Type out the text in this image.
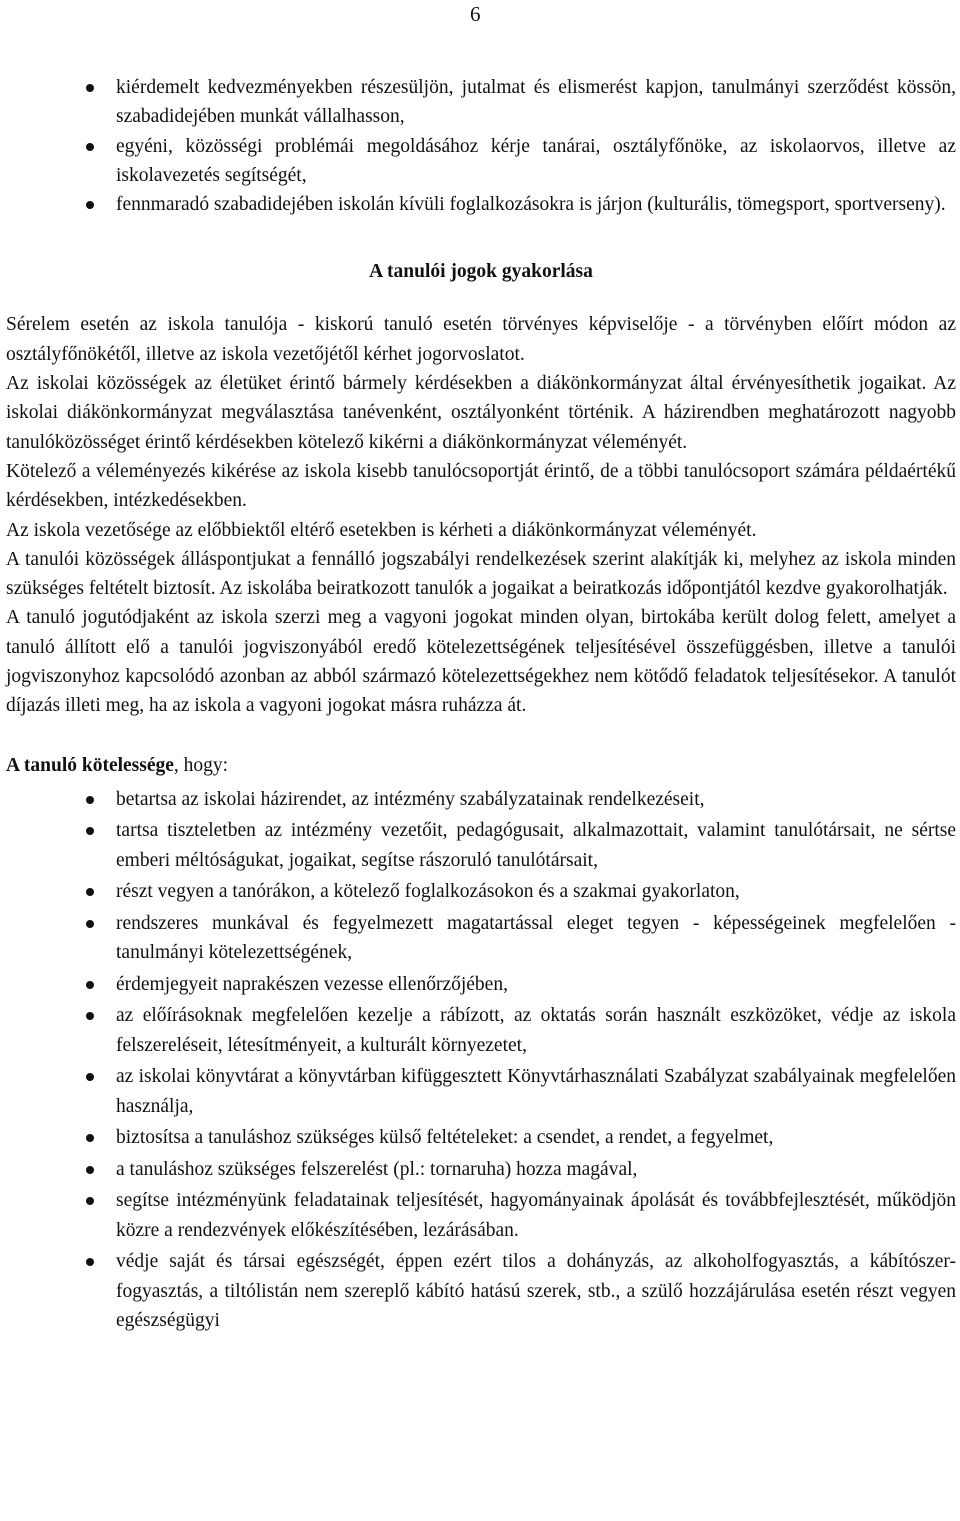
6
kiérdemelt kedvezményekben részesüljön, jutalmat és elismerést kapjon, tanulmányi szerződést kössön, szabadidejében munkát vállalhasson,
egyéni, közösségi problémái megoldásához kérje tanárai, osztályfőnöke, az iskolaorvos, illetve az iskolavezetés segítségét,
fennmaradó szabadidejében iskolán kívüli foglalkozásokra is járjon (kulturális, tömegsport, sportverseny).
A tanulói jogok gyakorlása

Sérelem esetén az iskola tanulója - kiskorú tanuló esetén törvényes képviselője - a törvényben előírt módon az osztályfőnökétől, illetve az iskola vezetőjétől kérhet jogorvoslatot.

Az iskolai közösségek az életüket érintő bármely kérdésekben a diákönkormányzat által érvényesíthetik jogaikat. Az iskolai diákönkormányzat megválasztása tanévenként, osztályonként történik. A házirendben meghatározott nagyobb tanulóközösséget érintő kérdésekben kötelező kikérni a diákönkormányzat véleményét.

Kötelező a véleményezés kikérése az iskola kisebb tanulócsoportját érintő, de a többi tanulócsoport számára példaértékű kérdésekben, intézkedésekben.

Az iskola vezetősége az előbbiektől eltérő esetekben is kérheti a diákönkormányzat véleményét.

A tanulói közösségek álláspontjukat a fennálló jogszabályi rendelkezések szerint alakítják ki, melyhez az iskola minden szükséges feltételt biztosít. Az iskolába beiratkozott tanulók a jogaikat a beiratkozás időpontjától kezdve gyakorolhatják.

A tanuló jogutódjaként az iskola szerzi meg a vagyoni jogokat minden olyan, birtokába került dolog felett, amelyet a tanuló állított elő a tanulói jogviszonyából eredő kötelezettségének teljesítésével összefüggésben, illetve a tanulói jogviszonyhoz kapcsolódó azonban az abból származó kötelezettségekhez nem kötődő feladatok teljesítésekor. A tanulót díjazás illeti meg, ha az iskola a vagyoni jogokat másra ruházza át.

A tanuló kötelessége, hogy:
betartsa az iskolai házirendet, az intézmény szabályzatainak rendelkezéseit,
tartsa tiszteletben az intézmény vezetőit, pedagógusait, alkalmazottait, valamint tanulótársait, ne sértse emberi méltóságukat, jogaikat, segítse rászoruló tanulótársait,
részt vegyen a tanórákon, a kötelező foglalkozásokon és a szakmai gyakorlaton,
rendszeres munkával és fegyelmezett magatartással eleget tegyen - képességeinek megfelelően - tanulmányi kötelezettségének,
érdemjegyeit naprakészen vezesse ellenőrzőjében,
az előírásoknak megfelelően kezelje a rábízott, az oktatás során használt eszközöket, védje az iskola felszereléseit, létesítményeit, a kulturált környezetet,
az iskolai könyvtárat a könyvtárban kifüggesztett Könyvtárhasználati Szabályzat szabályainak megfelelően használja,
biztosítsa a tanuláshoz szükséges külső feltételeket: a csendet, a rendet, a fegyelmet,
a tanuláshoz szükséges felszerelést (pl.: tornaruha) hozza magával,
segítse intézményünk feladatainak teljesítését, hagyományainak ápolását és továbbfejlesztését, működjön közre a rendezvények előkészítésében, lezárásában.
védje saját és társai egészségét, éppen ezért tilos a dohányzás, az alkoholfogyasztás, a kábítószer-fogyasztás, a tiltólistán nem szereplő kábító hatású szerek, stb., a szülő hozzájárulása esetén részt vegyen egészségügyi
